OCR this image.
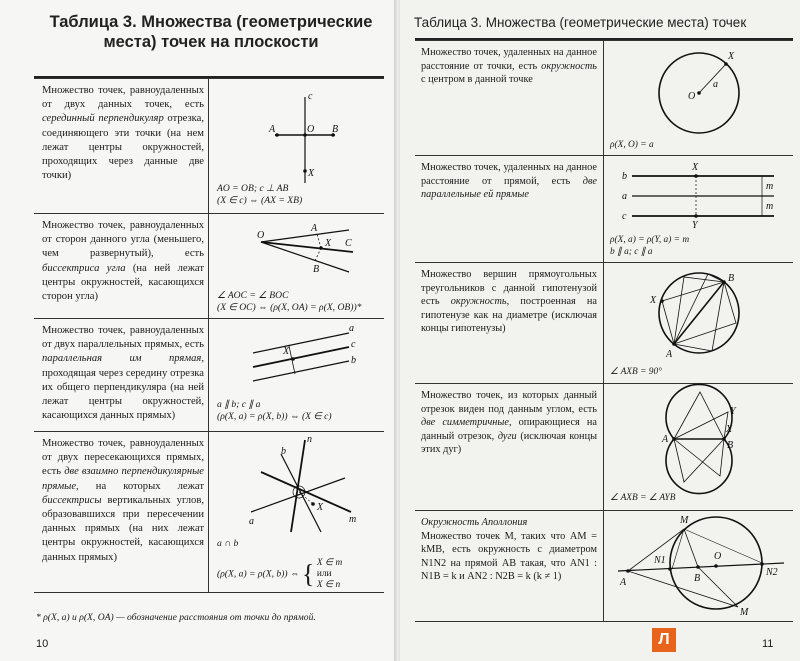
Таблица 3. Множества (геометрические места) точек на плоскости
Множество точек, равноудаленных от двух данных точек, есть серединный перпендикуляр отрезка, соединяющего эти точки (на нем лежат центры окружностей, проходящих через данные две точки)
c
A	O B
X
AO = OB; c ⊥ AB
(X ∈ c) ⇔ (AX = XB)
Множество точек, равноудаленных от сторон данного угла (меньшего, чем развернутый), есть биссектриса угла (на ней лежат центры окружностей, касающихся сторон угла)
O
A
X C
B
∠ AOC = ∠ BOC
(X ∈ OC) ⇔ (ρ(X, OA) = ρ(X, OB))*
Множество точек, равноудаленных от двух параллельных прямых, есть параллельная им прямая, проходящая через середину отрезка их общего перпендикуляра (на ней лежат центры окружностей, касающихся данных прямых)
a
c
b
X
a ∥ b; c ∥ a
(ρ(X, a) = ρ(X, b)) ⇔ (X ∈ c)
Множество точек, равноудаленных от двух пересекающихся прямых, есть две взаимно перпендикулярные прямые, на которых лежат биссектрисы вертикальных углов, образовавшихся при пересечении данных прямых (на них лежат центры окружностей, касающихся данных прямых)
n
b
X
m
a
a ∩ b
(ρ(X, a) = ρ(X, b)) ⇔ { X ∈ m
или
X ∈ n
* ρ(X, a) и ρ(X, OA) — обозначение расстояния от точки до прямой.
10
Таблица 3. Множества (геометрические места) точек
Множество точек, удаленных на данное расстояние от точки, есть окружность с центром в данной точке
X
O
a
ρ(X, O) = a
Множество точек, удаленных на данное расстояние от прямой, есть две параллельные ей прямые
b
X
m
a
m
c
Y
ρ(X, a) = ρ(Y, a) = m
b ∥ a; c ∥ a
Множество вершин прямоугольных треугольников с данной гипотенузой есть окружность, построенная на гипотенузе как на диаметре (исключая концы гипотенузы)
B
X
A
∠ AXB = 90°
Множество точек, из которых данный отрезок виден под данным углом, есть две симметричные, опирающиеся на данный отрезок, дуги (исключая концы этих дуг)
Y
A
X
B
∠ AXB = ∠ AYB
Окружность Аполлония
Множество точек M, таких что AM = kMB, есть окружность с диаметром N1N2 на прямой AB такая, что AN1 : N1B = k и AN2 : N2B = k (k ≠ 1)
M
N1	O
N2
A	B
M
11
Л
